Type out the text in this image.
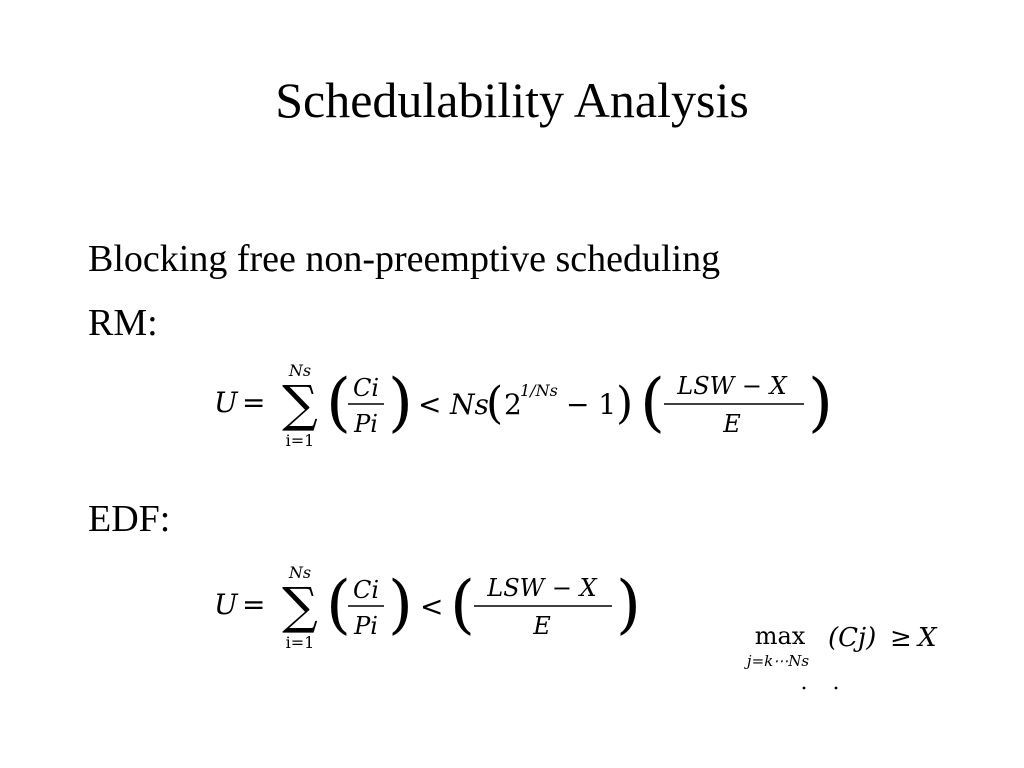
Schedulability Analysis
Blocking free non-preemptive scheduling
RM:
U =
Ns
∑
i=1
( Ci
Pi ) < Ns
( 2
1/Ns − 1 ) ( LSW − X
E )
EDF:
U =
Ns
∑
i=1
( Ci
Pi ) < ( LSW − X
E )	max
j=k⋯Ns
(Cj) ≥ X
